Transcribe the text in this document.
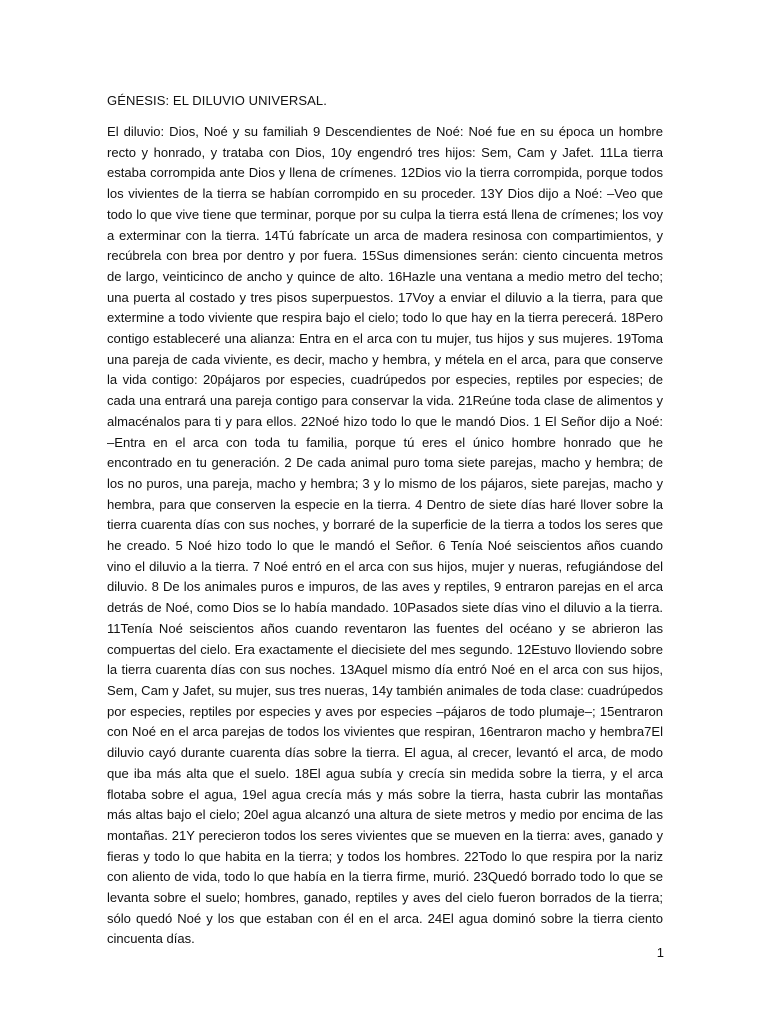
GÉNESIS: EL DILUVIO UNIVERSAL.

El diluvio: Dios, Noé y su familiah 9 Descendientes de Noé: Noé fue en su época un hombre recto y honrado, y trataba con Dios, 10y engendró tres hijos: Sem, Cam y Jafet. 11La tierra estaba corrompida ante Dios y llena de crímenes. 12Dios vio la tierra corrompida, porque todos los vivientes de la tierra se habían corrompido en su proceder. 13Y Dios dijo a Noé: –Veo que todo lo que vive tiene que terminar, porque por su culpa la tierra está llena de crímenes; los voy a exterminar con la tierra. 14Tú fabrícate un arca de madera resinosa con compartimientos, y recúbrela con brea por dentro y por fuera. 15Sus dimensiones serán: ciento cincuenta metros de largo, veinticinco de ancho y quince de alto. 16Hazle una ventana a medio metro del techo; una puerta al costado y tres pisos superpuestos. 17Voy a enviar el diluvio a la tierra, para que extermine a todo viviente que respira bajo el cielo; todo lo que hay en la tierra perecerá. 18Pero contigo estableceré una alianza: Entra en el arca con tu mujer, tus hijos y sus mujeres. 19Toma una pareja de cada viviente, es decir, macho y hembra, y métela en el arca, para que conserve la vida contigo: 20pájaros por especies, cuadrúpedos por especies, reptiles por especies; de cada una entrará una pareja contigo para conservar la vida. 21Reúne toda clase de alimentos y almacénalos para ti y para ellos. 22Noé hizo todo lo que le mandó Dios. 1 El Señor dijo a Noé: –Entra en el arca con toda tu familia, porque tú eres el único hombre honrado que he encontrado en tu generación. 2 De cada animal puro toma siete parejas, macho y hembra; de los no puros, una pareja, macho y hembra; 3 y lo mismo de los pájaros, siete parejas, macho y hembra, para que conserven la especie en la tierra. 4 Dentro de siete días haré llover sobre la tierra cuarenta días con sus noches, y borraré de la superficie de la tierra a todos los seres que he creado. 5 Noé hizo todo lo que le mandó el Señor. 6 Tenía Noé seiscientos años cuando vino el diluvio a la tierra. 7 Noé entró en el arca con sus hijos, mujer y nueras, refugiándose del diluvio. 8 De los animales puros e impuros, de las aves y reptiles, 9 entraron parejas en el arca detrás de Noé, como Dios se lo había mandado. 10Pasados siete días vino el diluvio a la tierra. 11Tenía Noé seiscientos años cuando reventaron las fuentes del océano y se abrieron las compuertas del cielo. Era exactamente el diecisiete del mes segundo. 12Estuvo lloviendo sobre la tierra cuarenta días con sus noches. 13Aquel mismo día entró Noé en el arca con sus hijos, Sem, Cam y Jafet, su mujer, sus tres nueras, 14y también animales de toda clase: cuadrúpedos por especies, reptiles por especies y aves por especies –pájaros de todo plumaje–; 15entraron con Noé en el arca parejas de todos los vivientes que respiran, 16entraron macho y hembra7El diluvio cayó durante cuarenta días sobre la tierra. El agua, al crecer, levantó el arca, de modo que iba más alta que el suelo. 18El agua subía y crecía sin medida sobre la tierra, y el arca flotaba sobre el agua, 19el agua crecía más y más sobre la tierra, hasta cubrir las montañas más altas bajo el cielo; 20el agua alcanzó una altura de siete metros y medio por encima de las montañas. 21Y perecieron todos los seres vivientes que se mueven en la tierra: aves, ganado y fieras y todo lo que habita en la tierra; y todos los hombres. 22Todo lo que respira por la nariz con aliento de vida, todo lo que había en la tierra firme, murió. 23Quedó borrado todo lo que se levanta sobre el suelo; hombres, ganado, reptiles y aves del cielo fueron borrados de la tierra; sólo quedó Noé y los que estaban con él en el arca. 24El agua dominó sobre la tierra ciento cincuenta días.

1
